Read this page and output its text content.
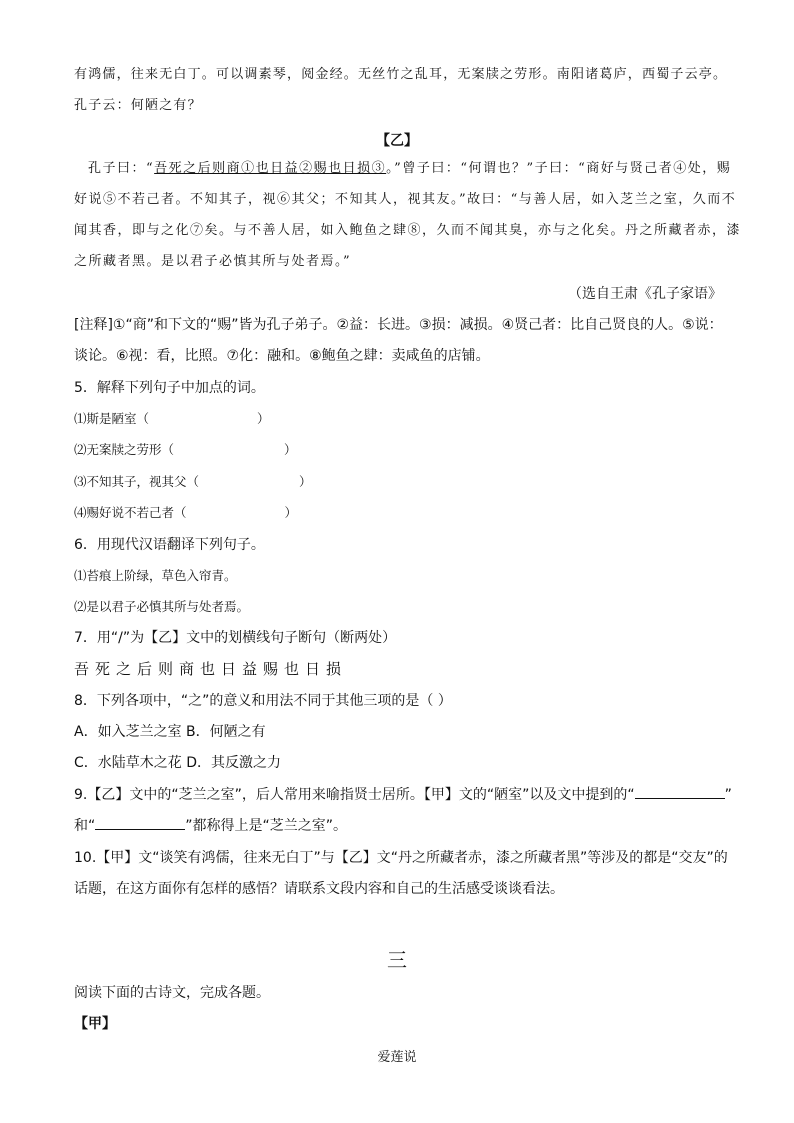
有鸿儒，往来无白丁。可以调素琴，阅金经。无丝竹之乱耳，无案牍之劳形。南阳诸葛庐，西蜀子云亭。
孔子云：何陋之有？
【乙】
孔子曰：“吾死之后则商①也日益②赐也日损③。”曾子曰：“何谓也？”子曰：“商好与贤己者④处，赐
好说⑤不若己者。不知其子，视⑥其父；不知其人，视其友。”故曰：“与善人居，如入芝兰之室，久而不
闻其香，即与之化⑦矣。与不善人居，如入鲍鱼之肆⑧，久而不闻其臭，亦与之化矣。丹之所藏者赤，漆
之所藏者黑。是以君子必慎其所与处者焉。”
（选自王肃《孔子家语》
[注释]①“商”和下文的“赐”皆为孔子弟子。②益：长进。③损：减损。④贤己者：比自己贤良的人。⑤说：
谈论。⑥视：看，比照。⑦化：融和。⑧鲍鱼之肆：卖咸鱼的店铺。
5．解释下列句子中加点的词。
⑴斯是陋室（	）
⑵无案牍之劳形（	）
⑶不知其子，视其父（	）
⑷赐好说不若己者（	）
6．用现代汉语翻译下列句子。
⑴苔痕上阶绿，草色入帘青。
⑵是以君子必慎其所与处者焉。
7．用“/”为【乙】文中的划横线句子断句（断两处）
吾死之后则商也日益赐也日损
8．下列各项中，“之”的意义和用法不同于其他三项的是（ ）
A．如入芝兰之室 B．何陋之有
C．水陆草木之花 D．其反激之力
9.【乙】文中的“芝兰之室”，后人常用来喻指贤士居所。【甲】文的“陋室”以及文中提到的“	”
和“	”都称得上是“芝兰之室”。
10.【甲】文“谈笑有鸿儒，往来无白丁”与【乙】文“丹之所藏者赤，漆之所藏者黑”等涉及的都是“交友”的
话题，在这方面你有怎样的感悟？请联系文段内容和自己的生活感受谈谈看法。
三
阅读下面的古诗文，完成各题。
【甲】
爱莲说
